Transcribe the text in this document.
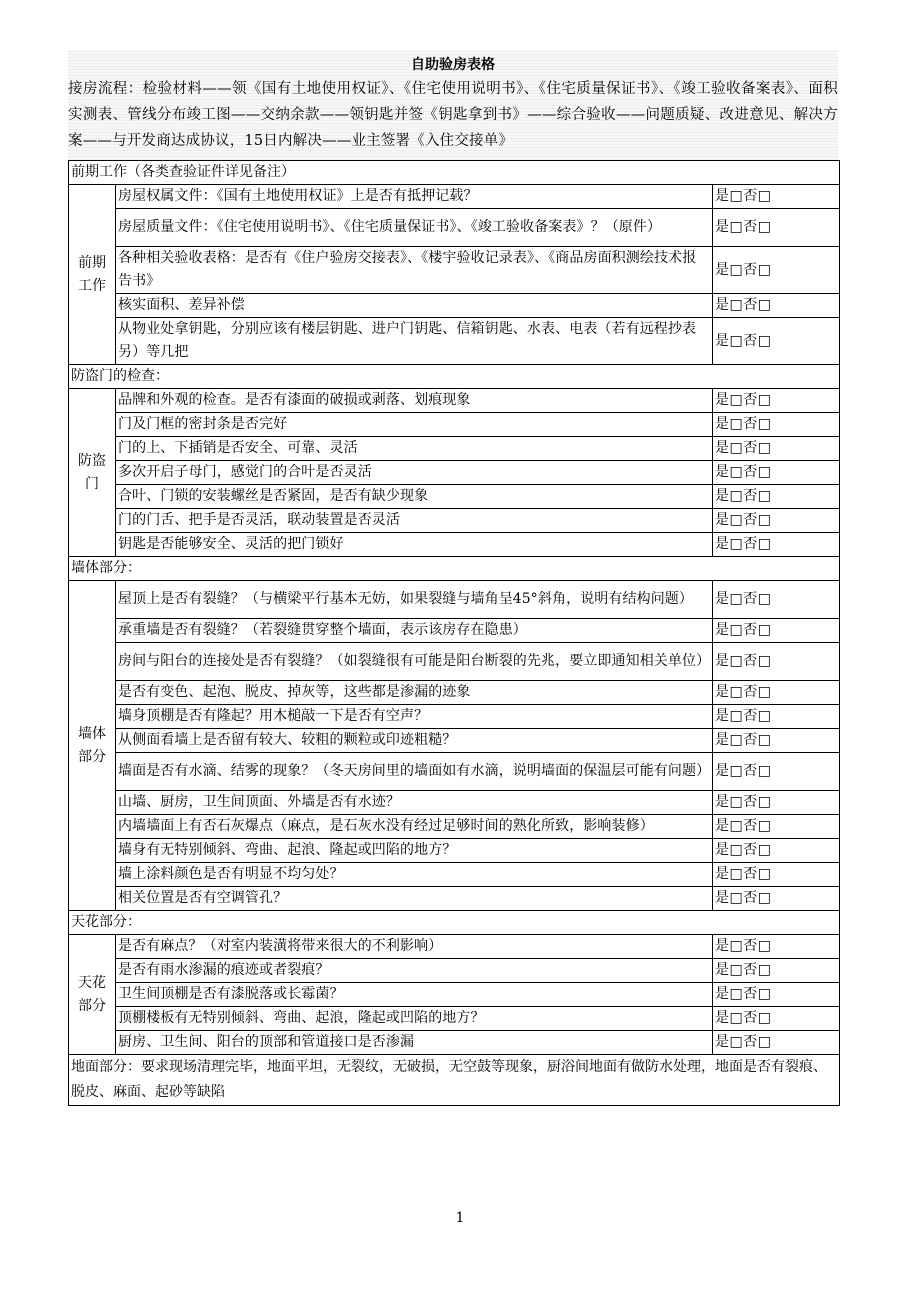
自助验房表格
接房流程：检验材料——领《国有土地使用权证》、《住宅使用说明书》、《住宅质量保证书》、《竣工验收备案表》、面积实测表、管线分布竣工图——交纳余款——领钥匙并签《钥匙拿到书》——综合验收——问题质疑、改进意见、解决方案——与开发商达成协议，15日内解决——业主签署《入住交接单》
前期工作（各类查验证件详见备注）		
前期
工作	房屋权属文件：《国有土地使用权证》上是否有抵押记载？	是□否□
	房屋质量文件：《住宅使用说明书》、《住宅质量保证书》、《竣工验收备案表》？（原件）	是□否□
	各种相关验收表格：是否有《住户验房交接表》、《楼宇验收记录表》、《商品房面积测绘技术报告书》	是□否□
	核实面积、差异补偿	是□否□
	从物业处拿钥匙，分别应该有楼层钥匙、进户门钥匙、信箱钥匙、水表、电表（若有远程抄表另）等几把	是□否□
防盗门的检查：		
防盗
门	品牌和外观的检查。是否有漆面的破损或剥落、划痕现象	是□否□
	门及门框的密封条是否完好	是□否□
	门的上、下插销是否安全、可靠、灵活	是□否□
	多次开启子母门，感觉门的合叶是否灵活	是□否□
	合叶、门锁的安装螺丝是否紧固，是否有缺少现象	是□否□
	门的门舌、把手是否灵活，联动装置是否灵活	是□否□
	钥匙是否能够安全、灵活的把门锁好	是□否□
墙体部分：		
墙体
部分	屋顶上是否有裂缝？（与横梁平行基本无妨，如果裂缝与墙角呈45°斜角，说明有结构问题）	是□否□
	承重墙是否有裂缝？（若裂缝贯穿整个墙面，表示该房存在隐患）	是□否□
	房间与阳台的连接处是否有裂缝？（如裂缝很有可能是阳台断裂的先兆，要立即通知相关单位）	是□否□
	是否有变色、起泡、脱皮、掉灰等，这些都是渗漏的迹象	是□否□
	墙身顶棚是否有隆起？用木槌敲一下是否有空声？	是□否□
	从侧面看墙上是否留有较大、较粗的颗粒或印迹粗糙？	是□否□
	墙面是否有水滴、结雾的现象？（冬天房间里的墙面如有水滴，说明墙面的保温层可能有问题）	是□否□
	山墙、厨房，卫生间顶面、外墙是否有水迹？	是□否□
	内墙墙面上有否石灰爆点（麻点，是石灰水没有经过足够时间的熟化所致，影响装修）	是□否□
	墙身有无特别倾斜、弯曲、起浪、隆起或凹陷的地方？	是□否□
	墙上涂料颜色是否有明显不均匀处？	是□否□
	相关位置是否有空调管孔？	是□否□
天花部分：		
天花
部分	是否有麻点？（对室内装潢将带来很大的不利影响）	是□否□
	是否有雨水渗漏的痕迹或者裂痕？	是□否□
	卫生间顶棚是否有漆脱落或长霉菌？	是□否□
	顶棚楼板有无特别倾斜、弯曲、起浪，隆起或凹陷的地方？	是□否□
	厨房、卫生间、阳台的顶部和管道接口是否渗漏	是□否□
地面部分：要求现场清理完毕，地面平坦，无裂纹，无破损，无空鼓等现象，厨浴间地面有做防水处理，地面是否有裂痕、脱皮、麻面、起砂等缺陷		
1
